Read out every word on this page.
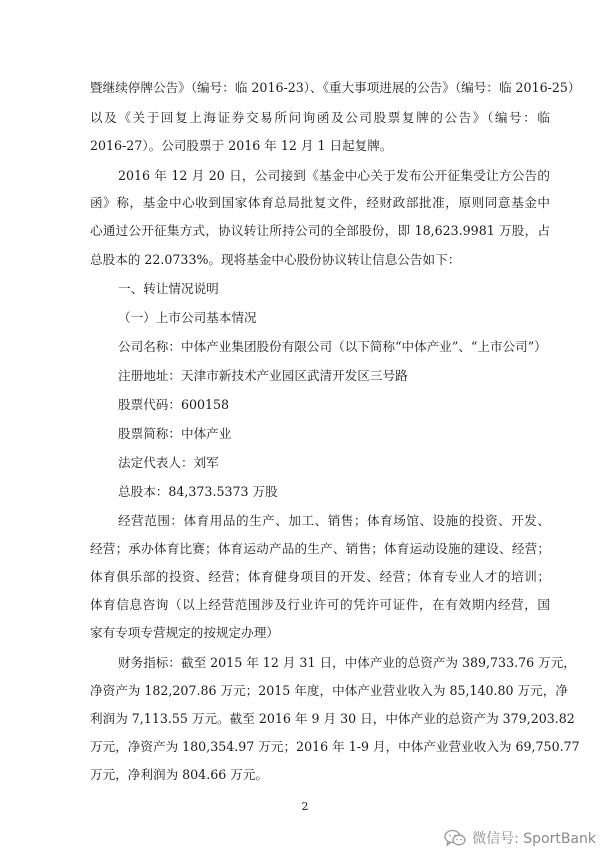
暨继续停牌公告》（编号：临 2016-23）、《重大事项进展的公告》（编号：临 2016-25）
以及《关于回复上海证券交易所问询函及公司股票复牌的公告》（编号：临
2016-27）。公司股票于 2016 年 12 月 1 日起复牌。
2016 年 12 月 20 日，公司接到《基金中心关于发布公开征集受让方公告的
函》称，基金中心收到国家体育总局批复文件，经财政部批准，原则同意基金中
心通过公开征集方式，协议转让所持公司的全部股份，即 18,623.9981 万股，占
总股本的 22.0733%。现将基金中心股份协议转让信息公告如下：
一、转让情况说明
（一）上市公司基本情况
公司名称：中体产业集团股份有限公司（以下简称“中体产业”、“上市公司”）
注册地址：天津市新技术产业园区武清开发区三号路
股票代码：600158
股票简称：中体产业
法定代表人：刘军
总股本：84,373.5373 万股
经营范围：体育用品的生产、加工、销售；体育场馆、设施的投资、开发、
经营；承办体育比赛；体育运动产品的生产、销售；体育运动设施的建设、经营；
体育俱乐部的投资、经营；体育健身项目的开发、经营；体育专业人才的培训；
体育信息咨询（以上经营范围涉及行业许可的凭许可证件，在有效期内经营，国
家有专项专营规定的按规定办理）
财务指标：截至 2015 年 12 月 31 日，中体产业的总资产为 389,733.76 万元，
净资产为 182,207.86 万元；2015 年度，中体产业营业收入为 85,140.80 万元，净
利润为 7,113.55 万元。截至 2016 年 9 月 30 日，中体产业的总资产为 379,203.82
万元，净资产为 180,354.97 万元；2016 年 1-9 月，中体产业营业收入为 69,750.77
万元，净利润为 804.66 万元。
2
微信号: SportBank
